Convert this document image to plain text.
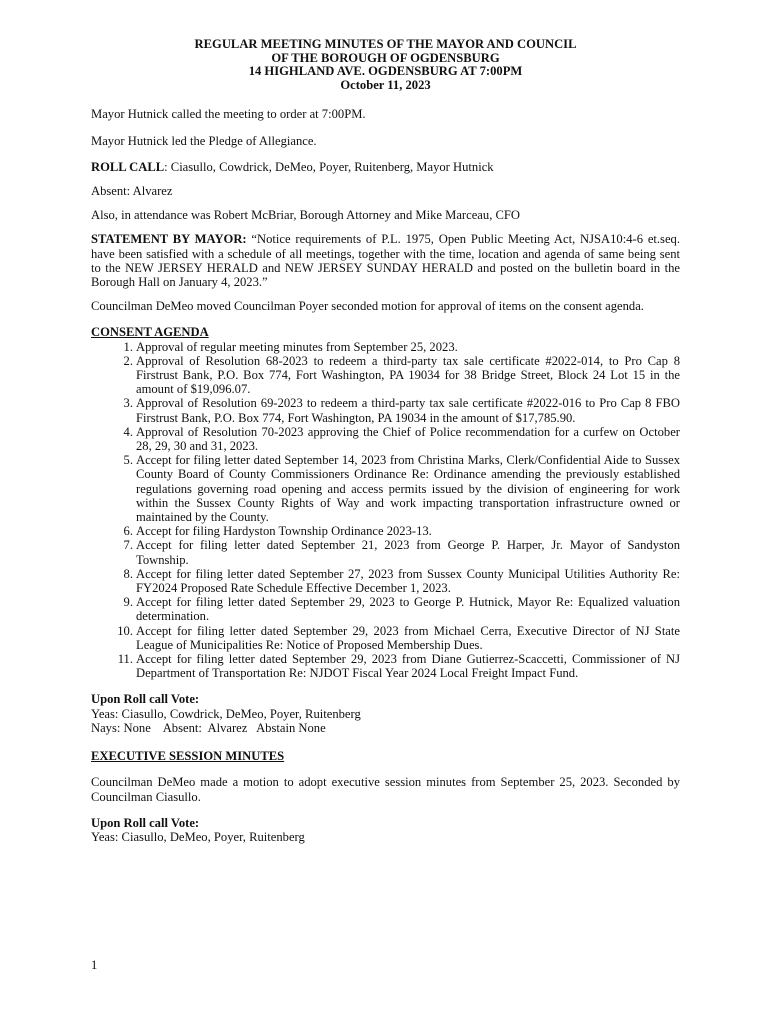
REGULAR MEETING MINUTES OF THE MAYOR AND COUNCIL
OF THE BOROUGH OF OGDENSBURG
14 HIGHLAND AVE. OGDENSBURG AT 7:00PM
October 11, 2023

Mayor Hutnick called the meeting to order at 7:00PM.

Mayor Hutnick led the Pledge of Allegiance.

ROLL CALL: Ciasullo, Cowdrick, DeMeo, Poyer, Ruitenberg, Mayor Hutnick

Absent: Alvarez

Also, in attendance was Robert McBriar, Borough Attorney and Mike Marceau, CFO

STATEMENT BY MAYOR: “Notice requirements of P.L. 1975, Open Public Meeting Act, NJSA10:4-6 et.seq. have been satisfied with a schedule of all meetings, together with the time, location and agenda of same being sent to the NEW JERSEY HERALD and NEW JERSEY SUNDAY HERALD and posted on the bulletin board in the Borough Hall on January 4, 2023.”

Councilman DeMeo moved Councilman Poyer seconded motion for approval of items on the consent agenda.

CONSENT AGENDA

1. Approval of regular meeting minutes from September 25, 2023.
2. Approval of Resolution 68-2023 to redeem a third-party tax sale certificate #2022-014, to Pro Cap 8 Firstrust Bank, P.O. Box 774, Fort Washington, PA 19034 for 38 Bridge Street, Block 24 Lot 15 in the amount of $19,096.07.
3. Approval of Resolution 69-2023 to redeem a third-party tax sale certificate #2022-016 to Pro Cap 8 FBO Firstrust Bank, P.O. Box 774, Fort Washington, PA 19034 in the amount of $17,785.90.
4. Approval of Resolution 70-2023 approving the Chief of Police recommendation for a curfew on October 28, 29, 30 and 31, 2023.
5. Accept for filing letter dated September 14, 2023 from Christina Marks, Clerk/Confidential Aide to Sussex County Board of County Commissioners Ordinance Re: Ordinance amending the previously established regulations governing road opening and access permits issued by the division of engineering for work within the Sussex County Rights of Way and work impacting transportation infrastructure owned or maintained by the County.
6. Accept for filing Hardyston Township Ordinance 2023-13.
7. Accept for filing letter dated September 21, 2023 from George P. Harper, Jr. Mayor of Sandyston Township.
8. Accept for filing letter dated September 27, 2023 from Sussex County Municipal Utilities Authority Re: FY2024 Proposed Rate Schedule Effective December 1, 2023.
9. Accept for filing letter dated September 29, 2023 to George P. Hutnick, Mayor Re: Equalized valuation determination.
10. Accept for filing letter dated September 29, 2023 from Michael Cerra, Executive Director of NJ State League of Municipalities Re: Notice of Proposed Membership Dues.
11. Accept for filing letter dated September 29, 2023 from Diane Gutierrez-Scaccetti, Commissioner of NJ Department of Transportation Re: NJDOT Fiscal Year 2024 Local Freight Impact Fund.

Upon Roll call Vote:

Yeas: Ciasullo, Cowdrick, DeMeo, Poyer, Ruitenberg

Nays: None    Absent:  Alvarez   Abstain None

EXECUTIVE SESSION MINUTES

Councilman DeMeo made a motion to adopt executive session minutes from September 25, 2023. Seconded by Councilman Ciasullo.

Upon Roll call Vote:

Yeas: Ciasullo, DeMeo, Poyer, Ruitenberg

1
